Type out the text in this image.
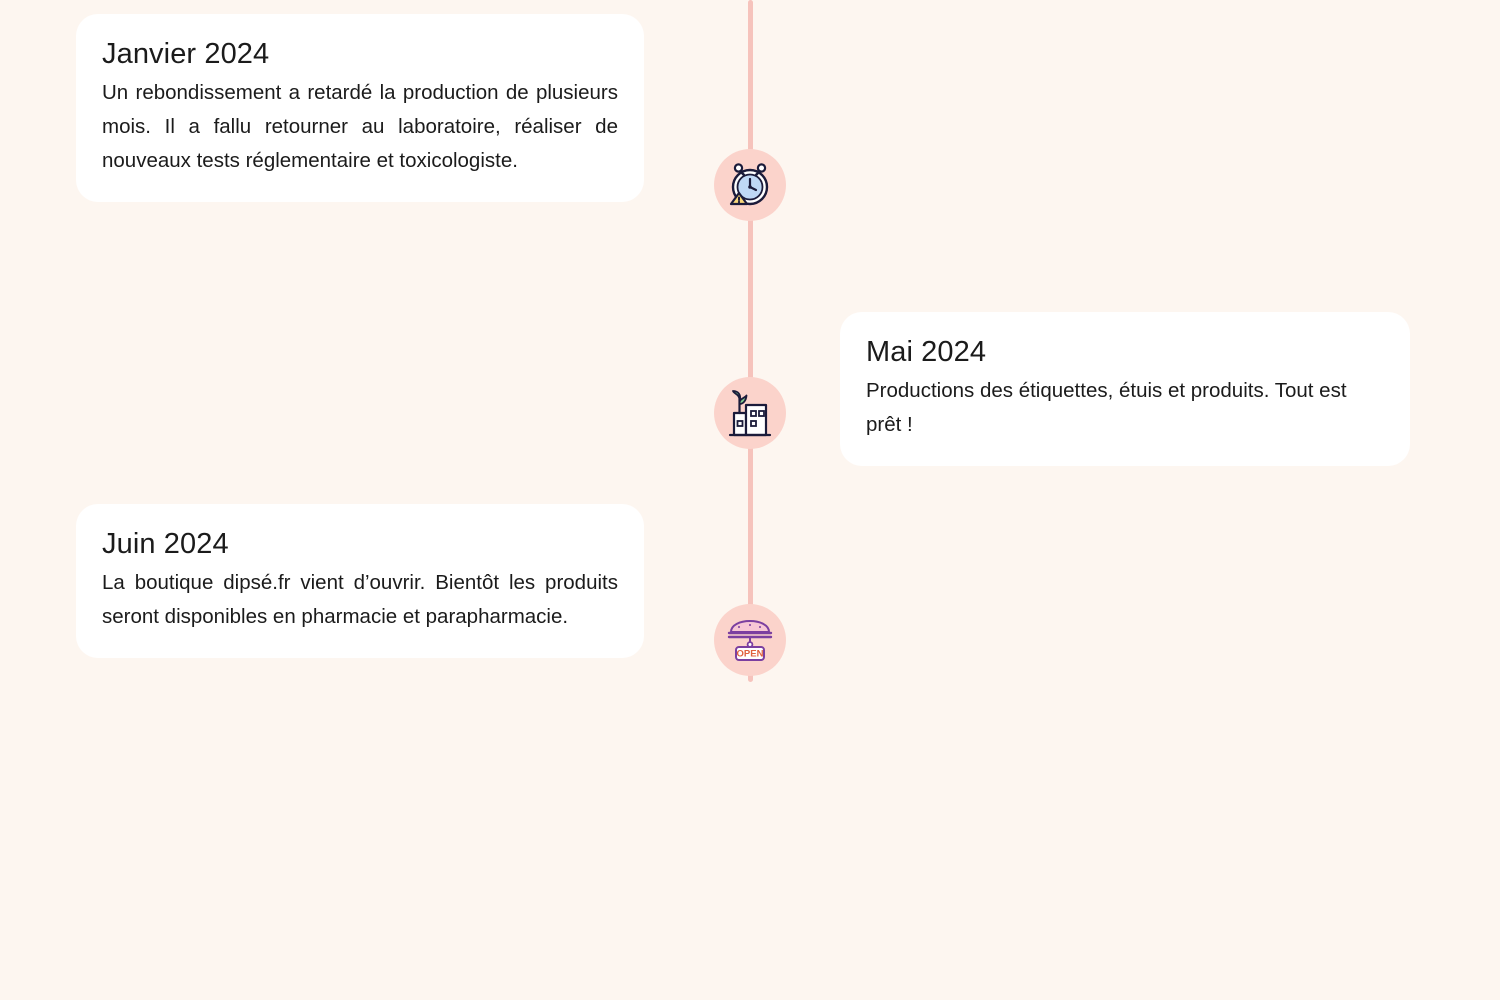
OPEN

Janvier 2024

Un rebondissement a retardé la production de plusieurs mois. Il a fallu retourner au laboratoire, réaliser de nouveaux tests réglementaire et toxicologiste.

Mai 2024

Productions des étiquettes, étuis et produits. Tout est prêt !

Juin 2024

La boutique dipsé.fr vient d’ouvrir. Bientôt les produits seront disponibles en pharmacie et parapharmacie.
